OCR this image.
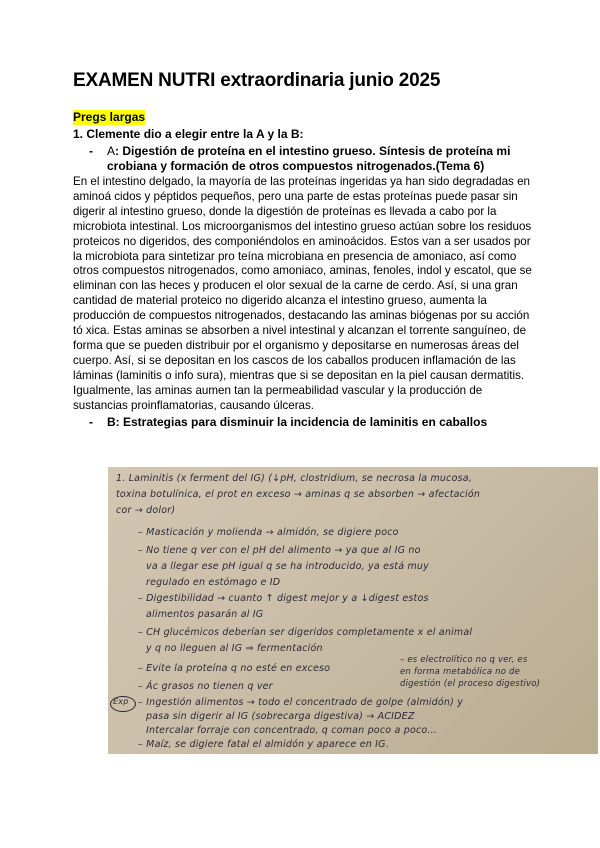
EXAMEN NUTRI extraordinaria junio 2025
Pregs largas
1. Clemente dio a elegir entre la A y la B:
- A: Digestión de proteína en el intestino grueso. Síntesis de proteína mi crobiana y formación de otros compuestos nitrogenados.(Tema 6)
En el intestino delgado, la mayoría de las proteínas ingeridas ya han sido degradadas en aminoá cidos y péptidos pequeños, pero una parte de estas proteínas puede pasar sin digerir al intestino grueso, donde la digestión de proteínas es llevada a cabo por la microbiota intestinal. Los microorganismos del intestino grueso actúan sobre los residuos proteicos no digeridos, des componiéndolos en aminoácidos. Estos van a ser usados por la microbiota para sintetizar pro teína microbiana en presencia de amoniaco, así como otros compuestos nitrogenados, como amoniaco, aminas, fenoles, indol y escatol, que se eliminan con las heces y producen el olor sexual de la carne de cerdo. Así, si una gran cantidad de material proteico no digerido alcanza el intestino grueso, aumenta la producción de compuestos nitrogenados, destacando las aminas biógenas por su acción tó xica. Estas aminas se absorben a nivel intestinal y alcanzan el torrente sanguíneo, de forma que se pueden distribuir por el organismo y depositarse en numerosas áreas del cuerpo. Así, si se depositan en los cascos de los caballos producen inflamación de las láminas (laminitis o info sura), mientras que si se depositan en la piel causan dermatitis. Igualmente, las aminas aumen tan la permeabilidad vascular y la producción de sustancias proinflamatorias, causando úlceras.
- B: Estrategias para disminuir la incidencia de laminitis en caballos
1. Laminitis (x ferment del IG) (↓pH, clostridium, se necrosa la mucosa,
toxina botulínica, el prot en exceso → aminas q se absorben → afectación
cor → dolor)
– Masticación y molienda → almidón, se digiere poco
– No tiene q ver con el pH del alimento → ya que al IG no
va a llegar ese pH igual q se ha introducido, ya está muy
regulado en estómago e ID
– Digestibilidad → cuanto ↑ digest mejor y a ↓digest estos
alimentos pasarán al IG
– CH glucémicos deberían ser digeridos completamente x el animal
y q no lleguen al IG ⇒ fermentación
– Evite la proteína q no esté en exceso
– Ác grasos no tienen q ver
– es electrolítico no q ver, es
en forma metabólica no de
digestión (el proceso digestivo)
Exp – Ingestión alimentos → todo el concentrado de golpe (almidón) y
pasa sin digerir al IG (sobrecarga digestiva) → ACIDEZ
Intercalar forraje con concentrado, q coman poco a poco...
– Maíz, se digiere fatal el almidón y aparece en IG.
